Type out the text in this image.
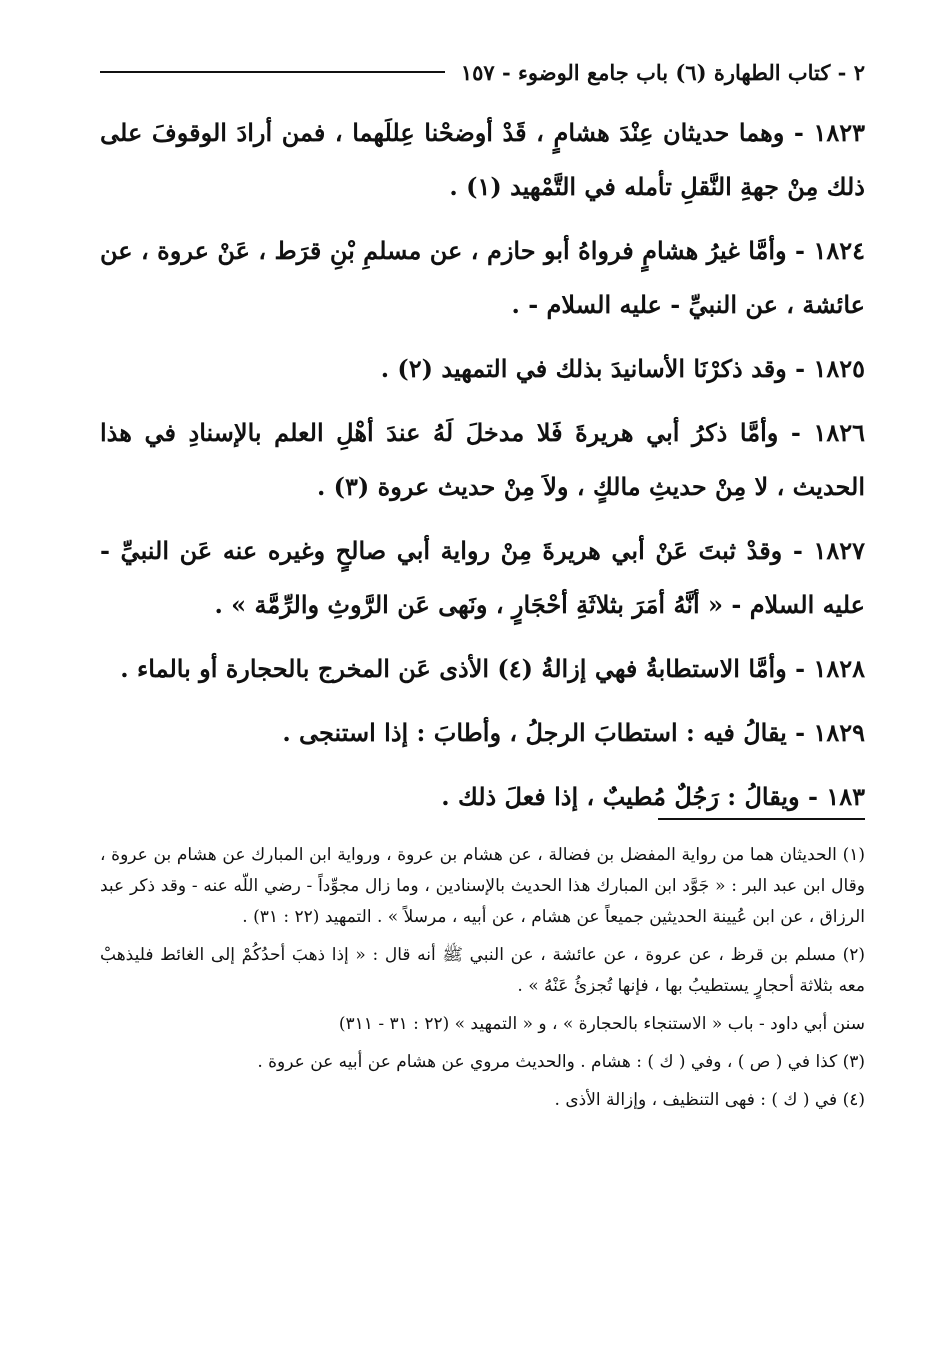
٢ - كتاب الطهارة (٦) باب جامع الوضوء - ١٥٧

١٨٢٣ - وهما حديثان عِنْدَ هشامٍ ، قَدْ أوضحْنا عِللَهما ، فمن أرادَ الوقوفَ على ذلك مِنْ جهةِ النَّقلِ تأمله في التَّمْهيد (١) .

١٨٢٤ - وأمَّا غيرُ هشامٍ فرواهُ أبو حازم ، عن مسلمِ بْنِ قرَط ، عَنْ عروة ، عن عائشة ، عن النبيِّ - عليه السلام - .

١٨٢٥ - وقد ذكرْنَا الأسانيدَ بذلك في التمهيد (٢) .

١٨٢٦ - وأمَّا ذكرُ أبي هريرةَ فَلا مدخلَ لَهُ عندَ أهْلِ العلم بالإسنادِ في هذا الحديث ، لا مِنْ حديثِ مالكٍ ، ولاَ مِنْ حديث عروة (٣) .

١٨٢٧ - وقدْ ثبتَ عَنْ أبي هريرةَ مِنْ رواية أبي صالحٍ وغيره عنه عَن النبيِّ - عليه السلام - « أنَّهُ أمَرَ بثلاثَةِ أحْجَارٍ ، ونَهى عَن الرَّوثِ والرِّمَّة » .

١٨٢٨ - وأمَّا الاستطابةُ فهي إزالةُ (٤) الأذى عَن المخرج بالحجارة أو بالماء .

١٨٢٩ - يقالُ فيه : استطابَ الرجلُ ، وأطابَ : إذا استنجى .

١٨٣ - ويقالُ : رَجُلٌ مُطيبٌ ، إذا فعلَ ذلك .

(١) الحديثان هما من رواية المفضل بن فضالة ، عن هشام بن عروة ، ورواية ابن المبارك عن هشام بن عروة ، وقال ابن عبد البر : « جَوَّد ابن المبارك هذا الحديث بالإسنادين ، وما زال مجوِّداً - رضي اللّه عنه - وقد ذكر عبد الرزاق ، عن ابن عُيينة الحديثين جميعاً عن هشام ، عن أبيه ، مرسلاً » . التمهيد (٢٢ : ٣١) .

(٢) مسلم بن قرظ ، عن عروة ، عن عائشة ، عن النبي ﷺ أنه قال : « إذا ذهبَ أحدُكُمْ إلى الغائط فليذهبْ معه بثلاثة أحجارٍ يستطيبُ بها ، فإنها تُجزئُ عَنْهُ » .

سنن أبي داود - باب « الاستنجاء بالحجارة » ، و « التمهيد » (٢٢ : ٣١ - ٣١١)

(٣) كذا في ( ص ) ، وفي ( ك ) : هشام . والحديث مروي عن هشام عن أبيه عن عروة .

(٤) في ( ك ) : فهى التنظيف ، وإزالة الأذى .
